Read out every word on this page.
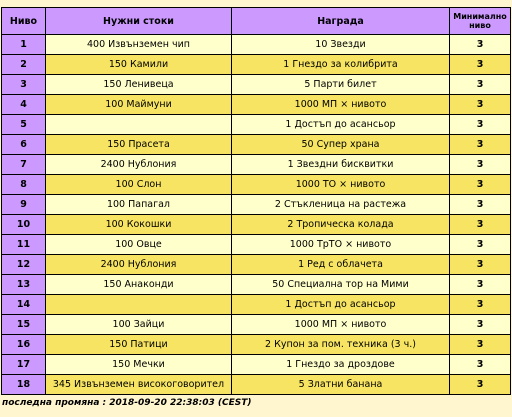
Ниво	Нужни стоки	Награда	Минимално ниво
1	400 Извънземен чип	10 Звезди	3
2	150 Камили	1 Гнездо за колибрита	3
3	150 Ленивеца	5 Парти билет	3
4	100 Маймуни	1000 МП × нивото	3
5		1 Достъп до асансьор	3
6	150 Прасета	50 Супер храна	3
7	2400 Нублония	1 Звездни бисквитки	3
8	100 Слон	1000 ТО × нивото	3
9	100 Папагал	2 Стъкленица на растежа	3
10	100 Кокошки	2 Тропическа колада	3
11	100 Овце	1000 ТрТО × нивото	3
12	2400 Нублония	1 Ред с облачета	3
13	150 Анаконди	50 Специална тор на Мими	3
14		1 Достъп до асансьор	3
15	100 Зайци	1000 МП × нивото	3
16	150 Патици	2 Купон за пом. техника (3 ч.)	3
17	150 Мечки	1 Гнездо за дроздове	3
18	345 Извънземен високоговорител	5 Златни банана	3
последна промяна : 2018-09-20 22:38:03 (CEST)
